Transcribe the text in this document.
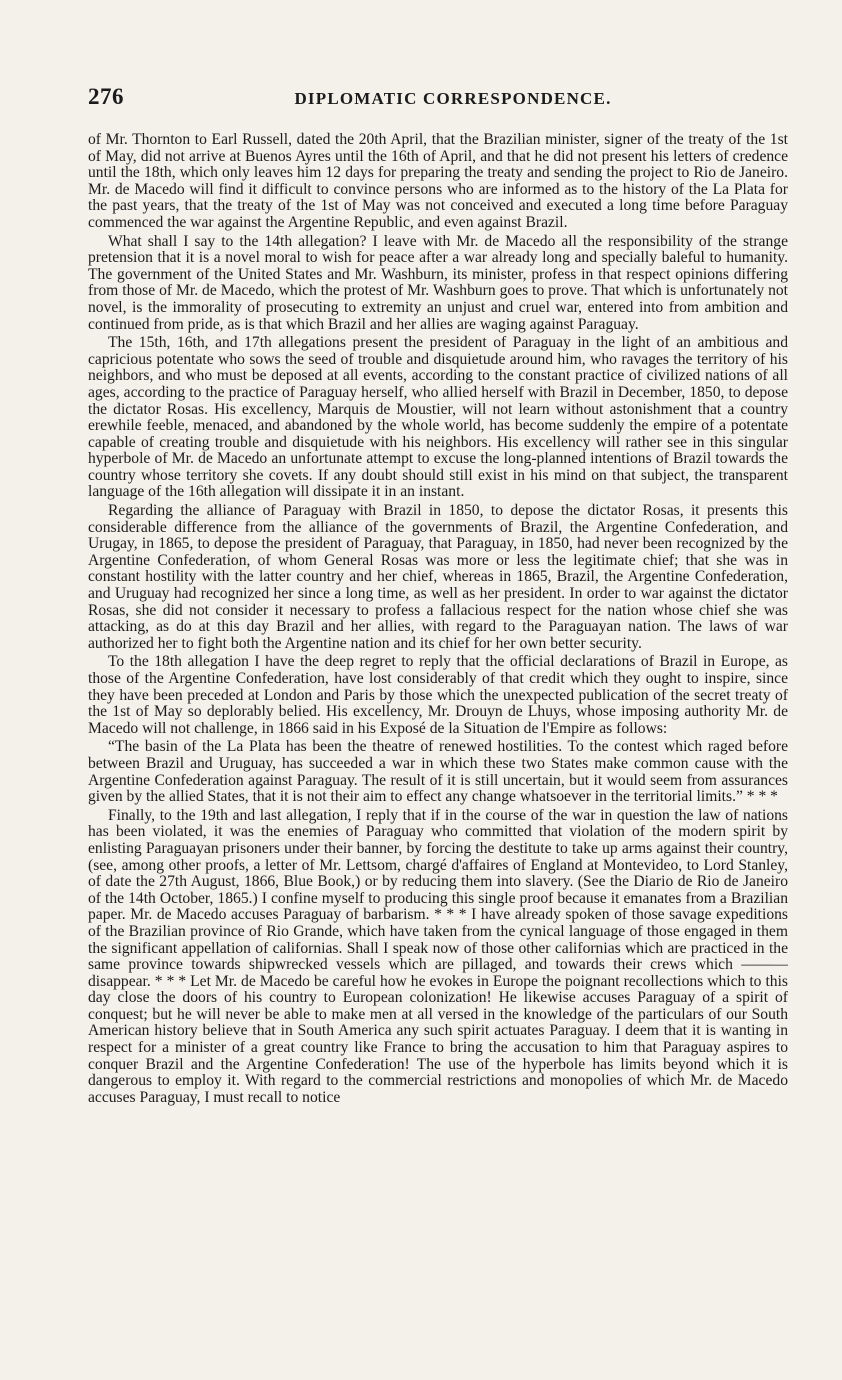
276	DIPLOMATIC CORRESPONDENCE.

of Mr. Thornton to Earl Russell, dated the 20th April, that the Brazilian minister, signer of the treaty of the 1st of May, did not arrive at Buenos Ayres until the 16th of April, and that he did not present his letters of credence until the 18th, which only leaves him 12 days for preparing the treaty and sending the project to Rio de Janeiro. Mr. de Macedo will find it difficult to convince persons who are informed as to the history of the La Plata for the past years, that the treaty of the 1st of May was not conceived and executed a long time before Paraguay commenced the war against the Argentine Republic, and even against Brazil.

What shall I say to the 14th allegation? I leave with Mr. de Macedo all the responsibility of the strange pretension that it is a novel moral to wish for peace after a war already long and specially baleful to humanity. The government of the United States and Mr. Washburn, its minister, profess in that respect opinions differing from those of Mr. de Macedo, which the protest of Mr. Washburn goes to prove. That which is unfortunately not novel, is the immorality of prosecuting to extremity an unjust and cruel war, entered into from ambition and continued from pride, as is that which Brazil and her allies are waging against Paraguay.

The 15th, 16th, and 17th allegations present the president of Paraguay in the light of an ambitious and capricious potentate who sows the seed of trouble and disquietude around him, who ravages the territory of his neighbors, and who must be deposed at all events, according to the constant practice of civilized nations of all ages, according to the practice of Paraguay herself, who allied herself with Brazil in December, 1850, to depose the dictator Rosas. His excellency, Marquis de Moustier, will not learn without astonishment that a country erewhile feeble, menaced, and abandoned by the whole world, has become suddenly the empire of a potentate capable of creating trouble and disquietude with his neighbors. His excellency will rather see in this singular hyperbole of Mr. de Macedo an unfortunate attempt to excuse the long-planned intentions of Brazil towards the country whose territory she covets. If any doubt should still exist in his mind on that subject, the transparent language of the 16th allegation will dissipate it in an instant.

Regarding the alliance of Paraguay with Brazil in 1850, to depose the dictator Rosas, it presents this considerable difference from the alliance of the governments of Brazil, the Argentine Confederation, and Urugay, in 1865, to depose the president of Paraguay, that Paraguay, in 1850, had never been recognized by the Argentine Confederation, of whom General Rosas was more or less the legitimate chief; that she was in constant hostility with the latter country and her chief, whereas in 1865, Brazil, the Argentine Confederation, and Uruguay had recognized her since a long time, as well as her president. In order to war against the dictator Rosas, she did not consider it necessary to profess a fallacious respect for the nation whose chief she was attacking, as do at this day Brazil and her allies, with regard to the Paraguayan nation. The laws of war authorized her to fight both the Argentine nation and its chief for her own better security.

To the 18th allegation I have the deep regret to reply that the official declarations of Brazil in Europe, as those of the Argentine Confederation, have lost considerably of that credit which they ought to inspire, since they have been preceded at London and Paris by those which the unexpected publication of the secret treaty of the 1st of May so deplorably belied. His excellency, Mr. Drouyn de Lhuys, whose imposing authority Mr. de Macedo will not challenge, in 1866 said in his Exposé de la Situation de l'Empire as follows:

“The basin of the La Plata has been the theatre of renewed hostilities. To the contest which raged before between Brazil and Uruguay, has succeeded a war in which these two States make common cause with the Argentine Confederation against Paraguay. The result of it is still uncertain, but it would seem from assurances given by the allied States, that it is not their aim to effect any change whatsoever in the territorial limits.” * * *

Finally, to the 19th and last allegation, I reply that if in the course of the war in question the law of nations has been violated, it was the enemies of Paraguay who committed that violation of the modern spirit by enlisting Paraguayan prisoners under their banner, by forcing the destitute to take up arms against their country, (see, among other proofs, a letter of Mr. Lettsom, chargé d'affaires of England at Montevideo, to Lord Stanley, of date the 27th August, 1866, Blue Book,) or by reducing them into slavery. (See the Diario de Rio de Janeiro of the 14th October, 1865.) I confine myself to producing this single proof because it emanates from a Brazilian paper. Mr. de Macedo accuses Paraguay of barbarism. * * * I have already spoken of those savage expeditions of the Brazilian province of Rio Grande, which have taken from the cynical language of those engaged in them the significant appellation of californias. Shall I speak now of those other californias which are practiced in the same province towards shipwrecked vessels which are pillaged, and towards their crews which ——— disappear. * * * Let Mr. de Macedo be careful how he evokes in Europe the poignant recollections which to this day close the doors of his country to European colonization! He likewise accuses Paraguay of a spirit of conquest; but he will never be able to make men at all versed in the knowledge of the particulars of our South American history believe that in South America any such spirit actuates Paraguay. I deem that it is wanting in respect for a minister of a great country like France to bring the accusation to him that Paraguay aspires to conquer Brazil and the Argentine Confederation! The use of the hyperbole has limits beyond which it is dangerous to employ it. With regard to the commercial restrictions and monopolies of which Mr. de Macedo accuses Paraguay, I must recall to notice
